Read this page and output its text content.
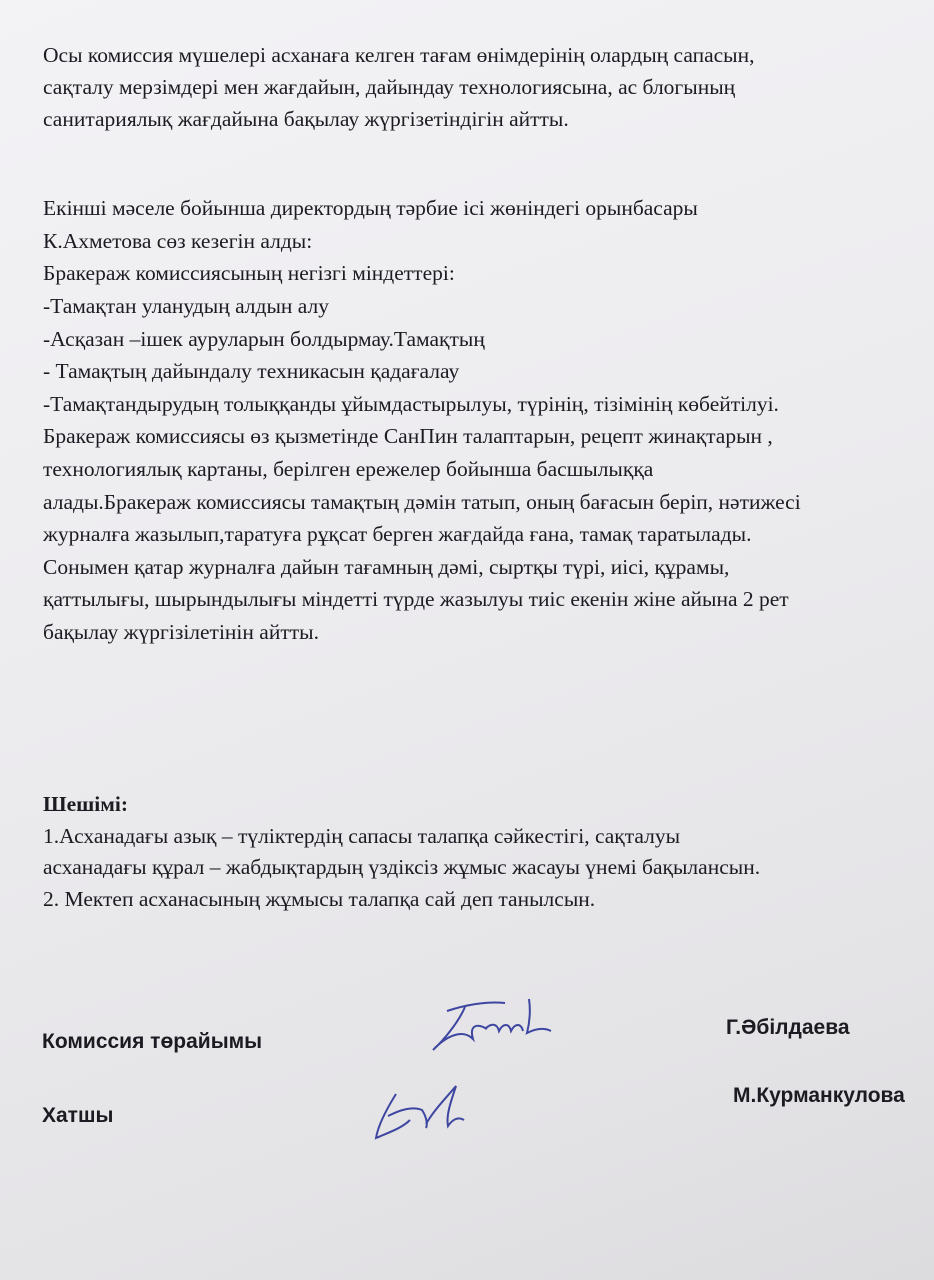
Осы комиссия мүшелері асханаға келген тағам өнімдерінің олардың сапасын,
сақталу мерзімдері мен жағдайын, дайындау технологиясына, ас блогының
санитариялық жағдайына бақылау жүргізетіндігін айтты.
Екінші мәселе бойынша директордың тәрбие ісі жөніндегі орынбасары
К.Ахметова сөз кезегін алды:
Бракераж комиссиясының негізгі міндеттері:
-Тамақтан уланудың алдын алу
-Асқазан –ішек ауруларын болдырмау.Тамақтың
- Тамақтың дайындалу техникасын қадағалау
-Тамақтандырудың толыққанды ұйымдастырылуы, түрінің, тізімінің көбейтілуі.
Бракераж комиссиясы өз қызметінде СанПин талаптарын, рецепт жинақтарын ,
технологиялық картаны, берілген ережелер бойынша басшылыққа
алады.Бракераж комиссиясы тамақтың дәмін татып, оның бағасын беріп, нәтижесі
журналға жазылып,таратуға рұқсат берген жағдайда ғана, тамақ таратылады.
Сонымен қатар журналға дайын тағамның дәмі, сыртқы түрі, иісі, құрамы,
қаттылығы, шырындылығы міндетті түрде жазылуы тиіс екенін жіне айына 2 рет
бақылау жүргізілетінін айтты.
Шешімі:
1.Асханадағы азық – түліктердің сапасы талапқа сәйкестігі, сақталуы
асханадағы құрал – жабдықтардың үздіксіз жұмыс жасауы үнемі бақылансын.
2. Мектеп асханасының жұмысы талапқа сай деп танылсын.
Комиссия төрайымы
Г.Әбілдаева
Хатшы
М.Курманкулова
